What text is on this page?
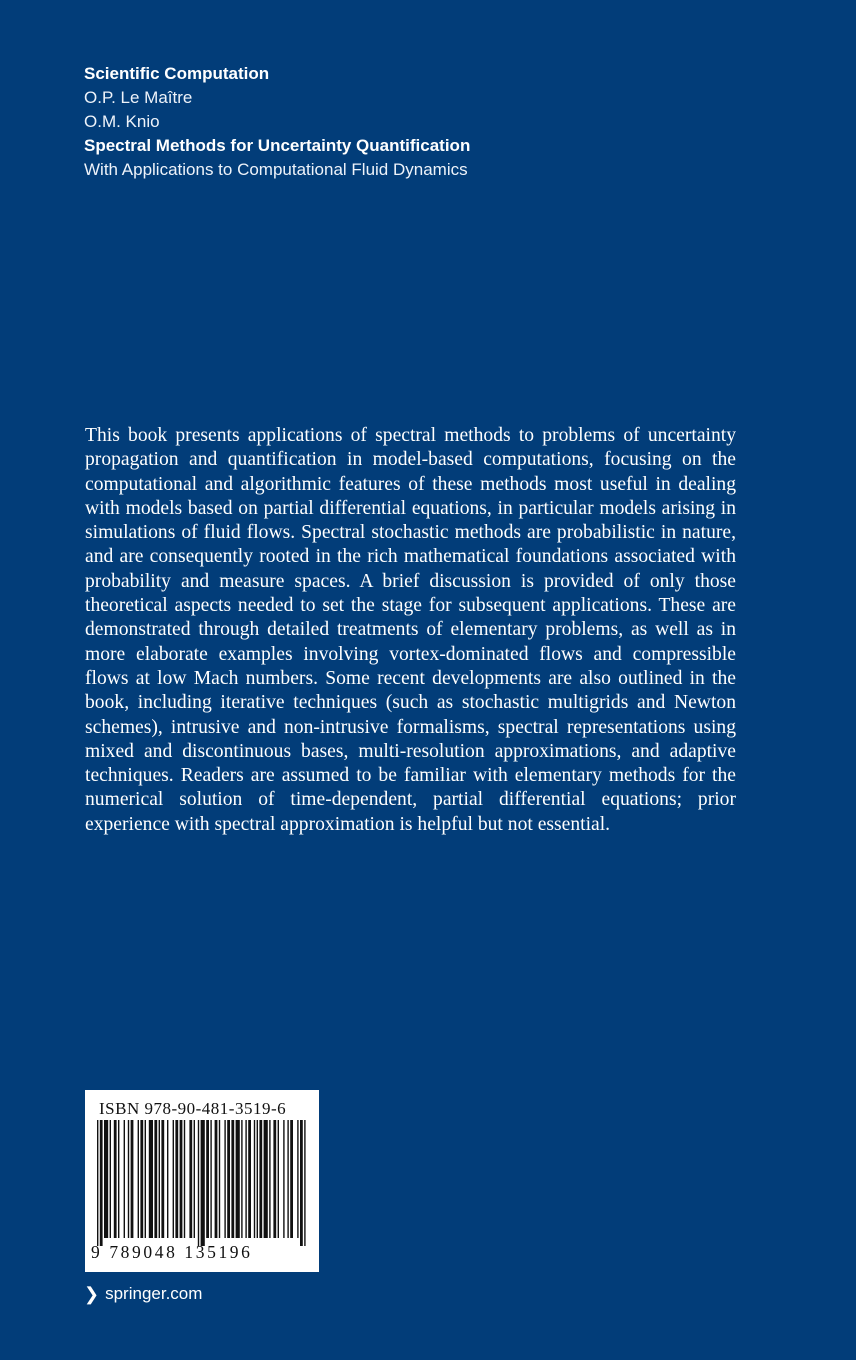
Scientific Computation
O.P. Le Maître
O.M. Knio
Spectral Methods for Uncertainty Quantification
With Applications to Computational Fluid Dynamics
This book presents applications of spectral methods to problems of uncertainty propagation and quantification in model-based computations, focusing on the computational and algorithmic features of these methods most useful in dealing with models based on partial differential equations, in particular models arising in simulations of fluid flows. Spectral stochastic methods are probabilistic in nature, and are consequently rooted in the rich mathematical foundations associated with probability and measure spaces. A brief discussion is provided of only those theoretical aspects needed to set the stage for subsequent applications. These are demonstrated through detailed treatments of elementary problems, as well as in more elaborate examples involving vortex-dominated flows and compressible flows at low Mach numbers. Some recent developments are also outlined in the book, including iterative techniques (such as stochastic multigrids and Newton schemes), intrusive and non-intrusive formalisms, spectral representations using mixed and discontinuous bases, multi-resolution approximations, and adaptive techniques. Readers are assumed to be familiar with elementary methods for the numerical solution of time-dependent, partial differential equations; prior experience with spectral approximation is helpful but not essential.
ISBN 978-90-481-3519-6
9 789048 135196
❯ springer.com
